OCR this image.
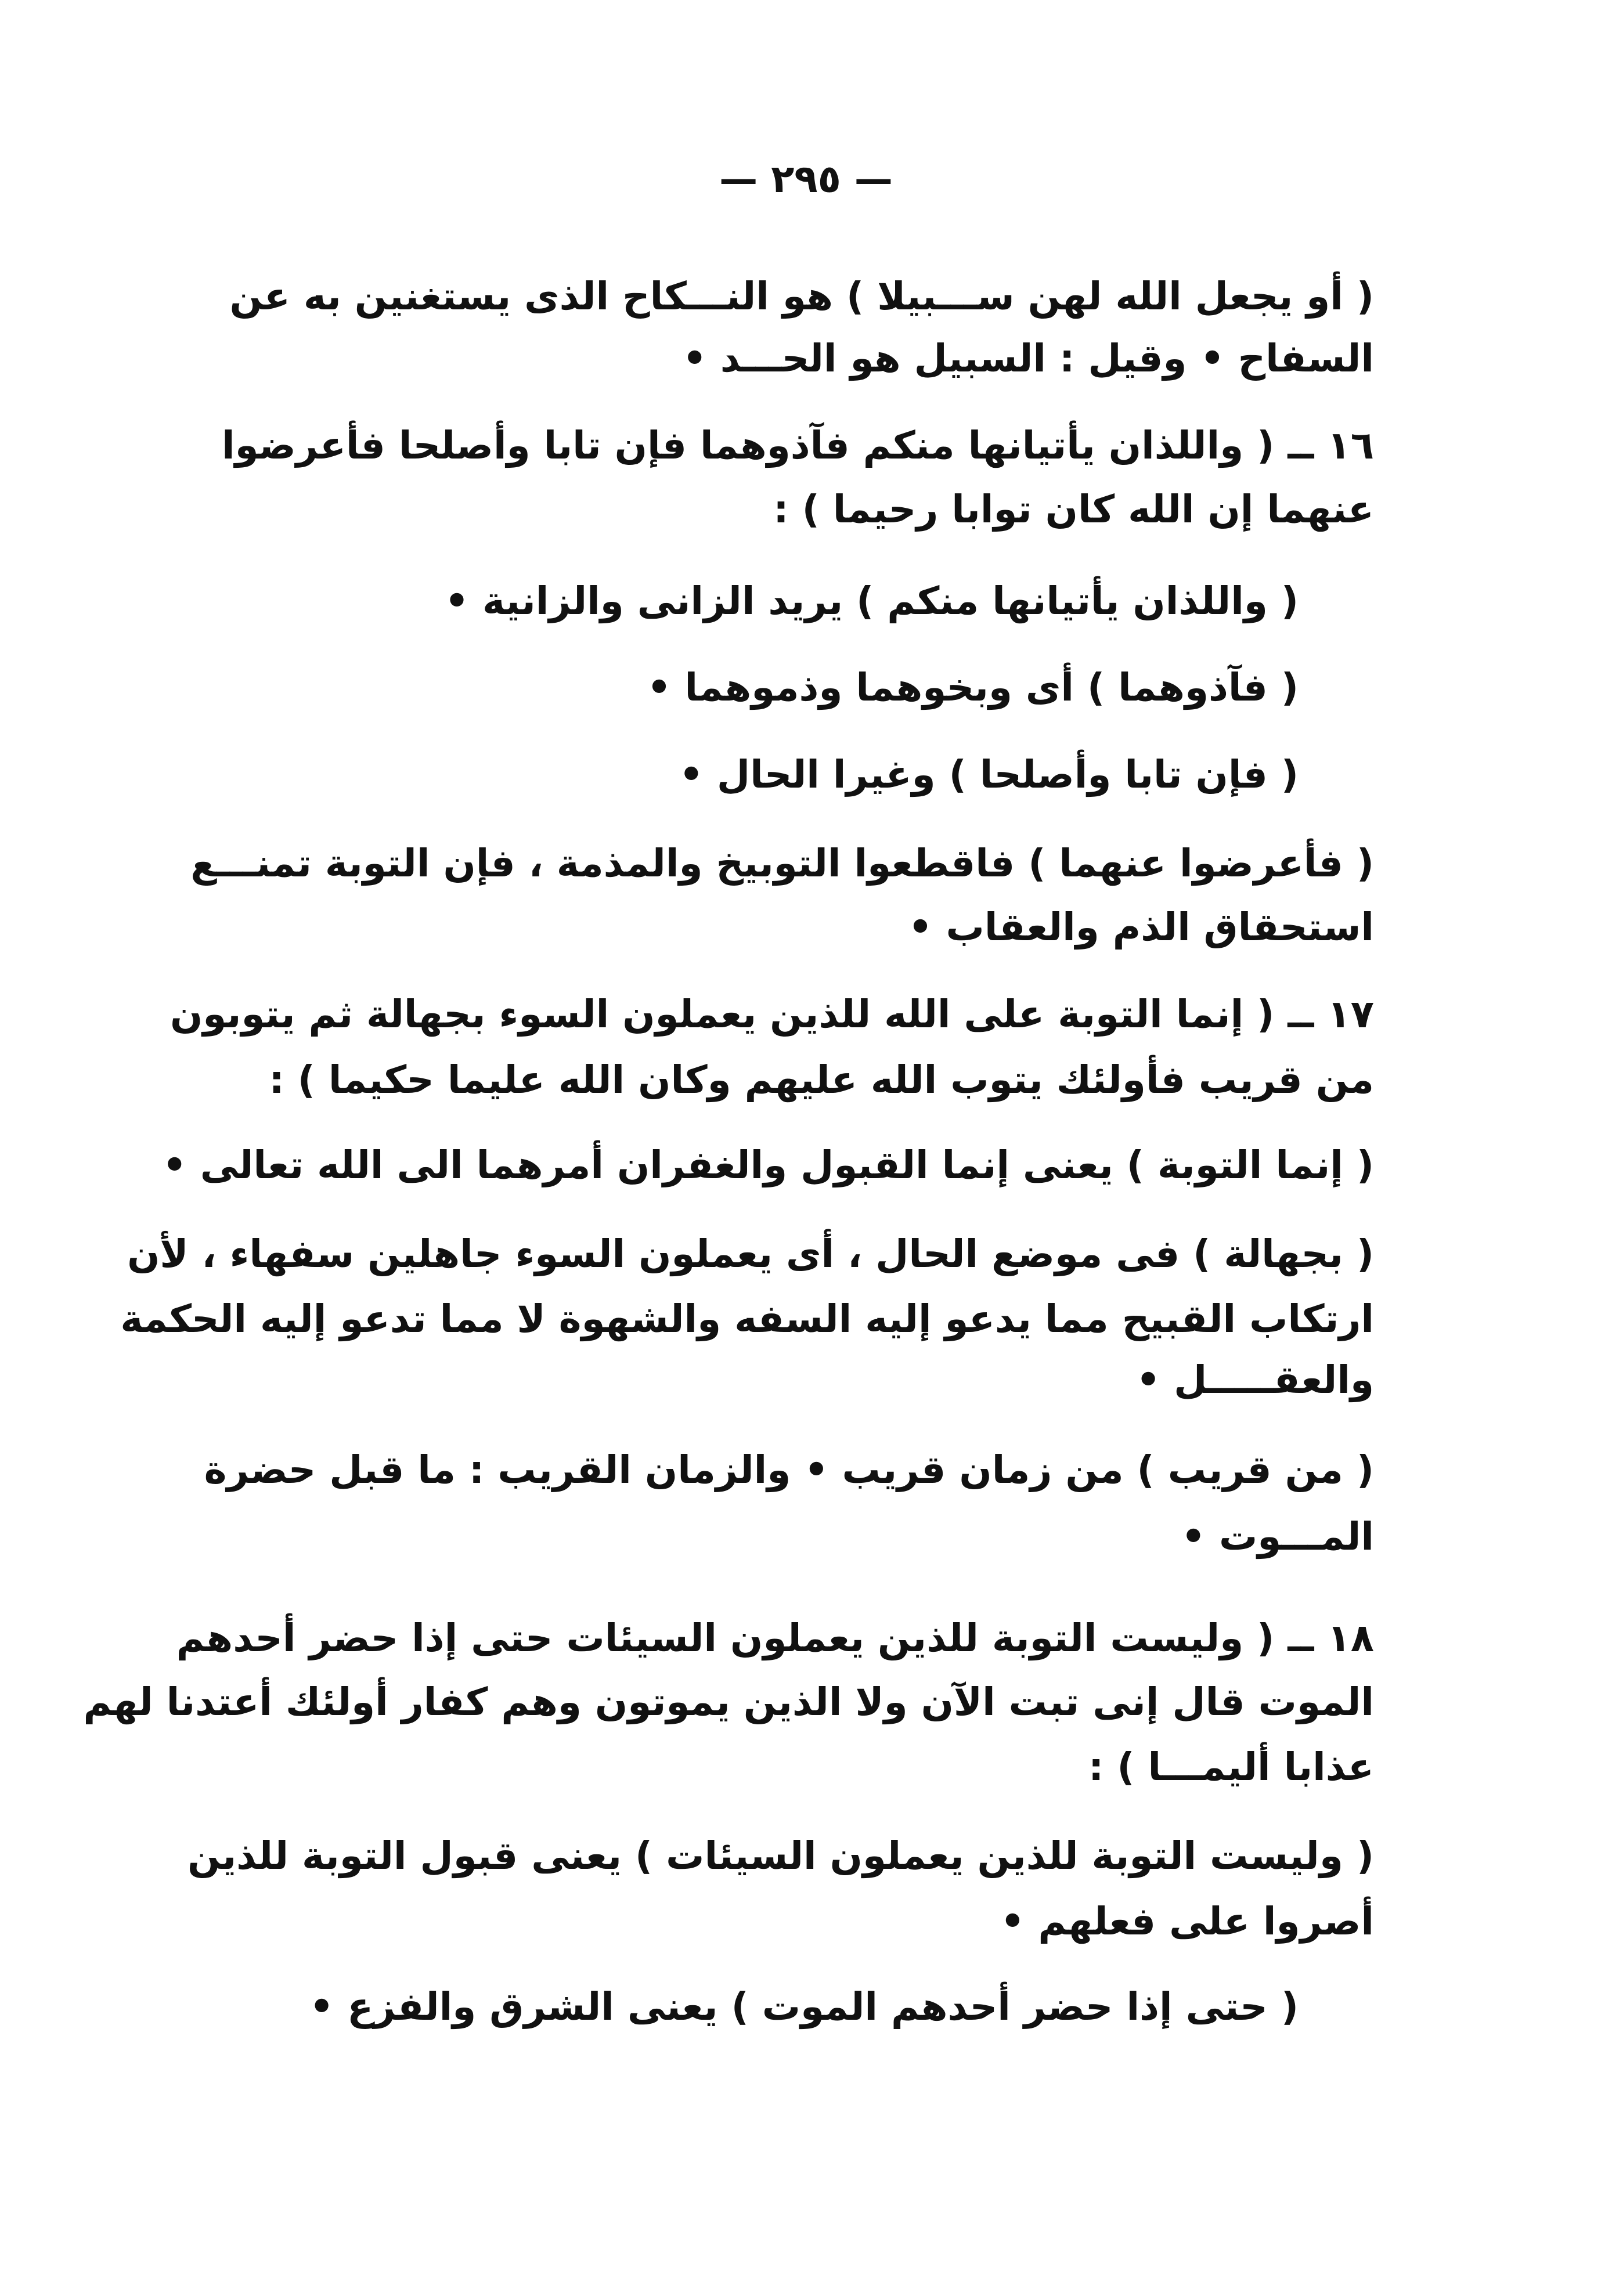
— ٢٩٥ —
( أو يجعل الله لهن ســـبيلا ) هو النـــكاح الذى يستغنين به عن
السفاح • وقيل : السبيل هو الحـــد •
١٦ ــ ( واللذان يأتيانها منكم فآذوهما فإن تابا وأصلحا فأعرضوا
عنهما إن الله كان توابا رحيما ) :
( واللذان يأتيانها منكم ) يريد الزانى والزانية •
( فآذوهما ) أى وبخوهما وذموهما •
( فإن تابا وأصلحا ) وغيرا الحال •
( فأعرضوا عنهما ) فاقطعوا التوبيخ والمذمة ، فإن التوبة تمنـــع
استحقاق الذم والعقاب •
١٧ ــ ( إنما التوبة على الله للذين يعملون السوء بجهالة ثم يتوبون
من قريب فأولئك يتوب الله عليهم وكان الله عليما حكيما ) :
( إنما التوبة ) يعنى إنما القبول والغفران أمرهما الى الله تعالى •
( بجهالة ) فى موضع الحال ، أى يعملون السوء جاهلين سفهاء ، لأن
ارتكاب القبيح مما يدعو إليه السفه والشهوة لا مما تدعو إليه الحكمة
والعقـــــل •
( من قريب ) من زمان قريب • والزمان القريب : ما قبل حضرة
المـــوت •
١٨ ــ ( وليست التوبة للذين يعملون السيئات حتى إذا حضر أحدهم
الموت قال إنى تبت الآن ولا الذين يموتون وهم كفار أولئك أعتدنا لهم
عذابا أليمـــا ) :
( وليست التوبة للذين يعملون السيئات ) يعنى قبول التوبة للذين
أصروا على فعلهم •
( حتى إذا حضر أحدهم الموت ) يعنى الشرق والفزع •
